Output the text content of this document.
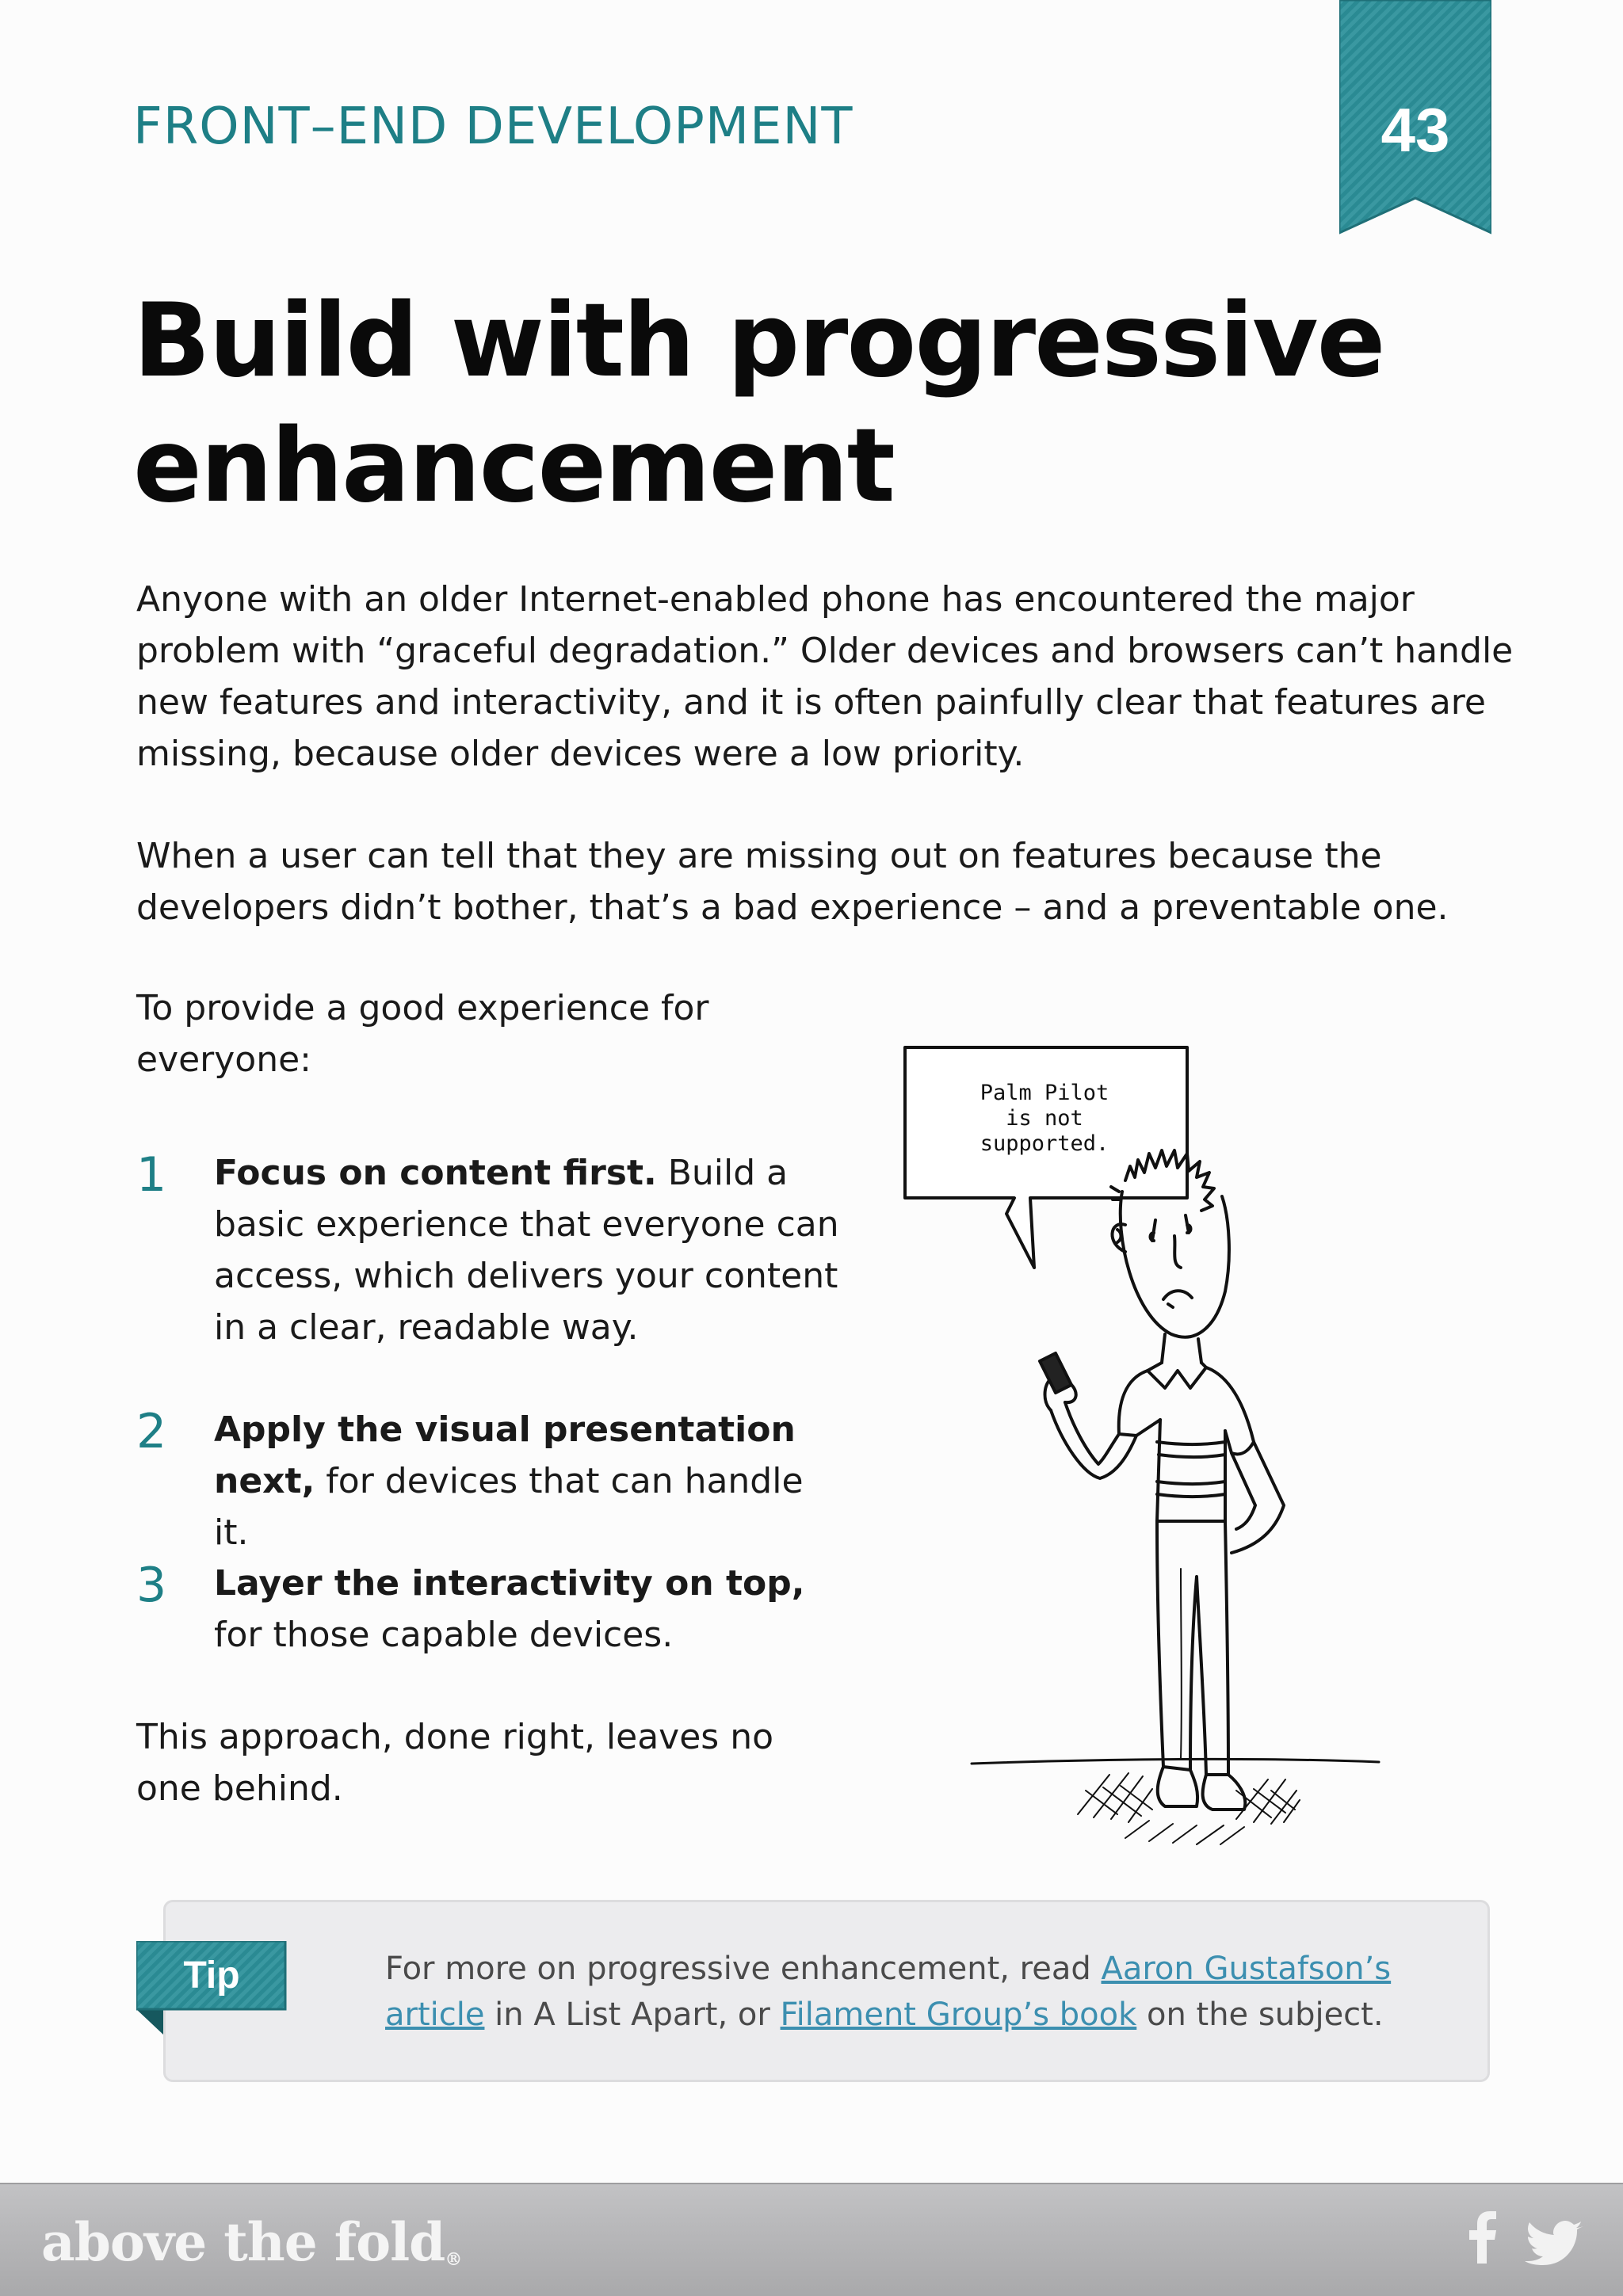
FRONT–END DEVELOPMENT	43
Build with progressive
enhancement

Anyone with an older Internet-enabled phone has encountered the major problem with “graceful degradation.” Older devices and browsers can’t handle new features and interactivity, and it is often painfully clear that features are missing, because older devices were a low priority.

When a user can tell that they are missing out on features because the developers didn’t bother, that’s a bad experience – and a preventable one.

To provide a good experience for everyone:

1 Focus on content first. Build a basic experience that everyone can access, which delivers your content in a clear, readable way.

2 Apply the visual presentation next, for devices that can handle it.

3 Layer the interactivity on top, for those capable devices.

This approach, done right, leaves no one behind.

Palm Pilot
is not
supported.
Tip	For more on progressive enhancement, read Aaron Gustafson’s article in A List Apart, or Filament Group’s book on the subject.

above the fold®
